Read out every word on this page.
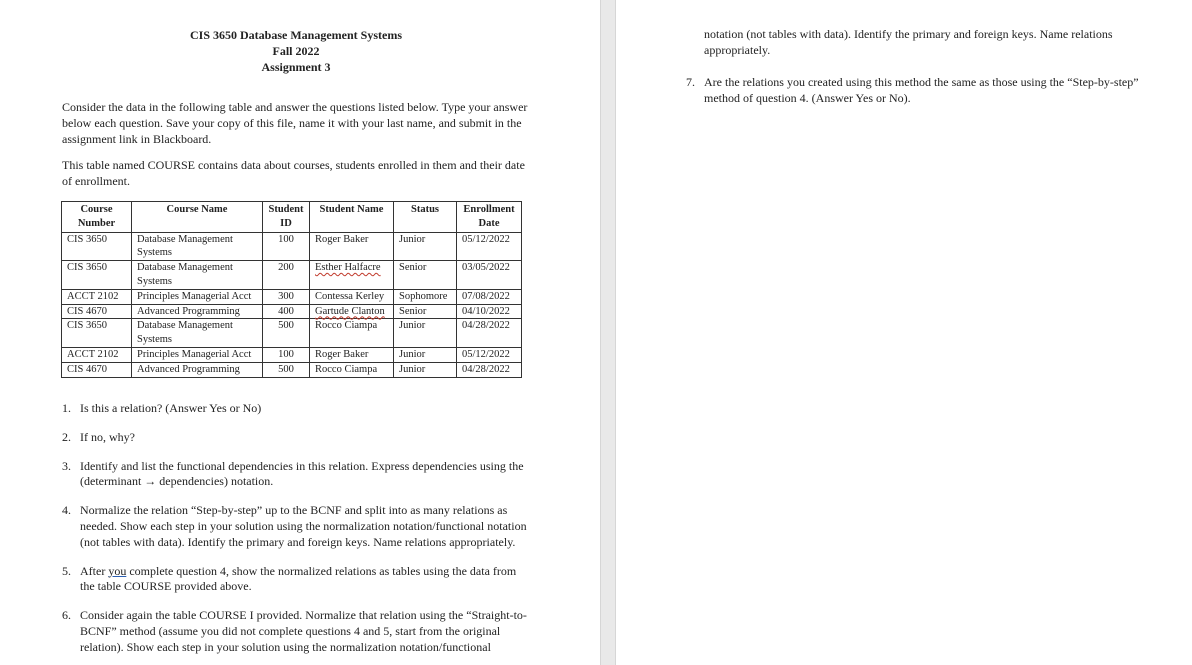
CIS 3650 Database Management Systems
Fall 2022
Assignment 3

Consider the data in the following table and answer the questions listed below. Type your answer below each question. Save your copy of this file, name it with your last name, and submit in the assignment link in Blackboard.

This table named COURSE contains data about courses, students enrolled in them and their date of enrollment.

Course Number	Course Name	Student ID	Student Name	Status	Enrollment Date
CIS 3650	Database Management Systems	100	Roger Baker	Junior	05/12/2022
CIS 3650	Database Management Systems	200	Esther Halfacre	Senior	03/05/2022
ACCT 2102	Principles Managerial Acct	300	Contessa Kerley	Sophomore	07/08/2022
CIS 4670	Advanced Programming	400	Gartude Clanton	Senior	04/10/2022
CIS 3650	Database Management Systems	500	Rocco Ciampa	Junior	04/28/2022
ACCT 2102	Principles Managerial Acct	100	Roger Baker	Junior	05/12/2022
CIS 4670	Advanced Programming	500	Rocco Ciampa	Junior	04/28/2022
1. Is this a relation? (Answer Yes or No)
2. If no, why?
3. Identify and list the functional dependencies in this relation. Express dependencies using the (determinant → dependencies) notation.
4. Normalize the relation “Step-by-step” up to the BCNF and split into as many relations as needed. Show each step in your solution using the normalization notation/functional notation (not tables with data). Identify the primary and foreign keys. Name relations appropriately.
5. After you complete question 4, show the normalized relations as tables using the data from the table COURSE provided above.
6. Consider again the table COURSE I provided. Normalize that relation using the “Straight-to-BCNF” method (assume you did not complete questions 4 and 5, start from the original relation). Show each step in your solution using the normalization notation/functional

notation (not tables with data). Identify the primary and foreign keys. Name relations appropriately.

7. Are the relations you created using this method the same as those using the “Step-by-step” method of question 4. (Answer Yes or No).
